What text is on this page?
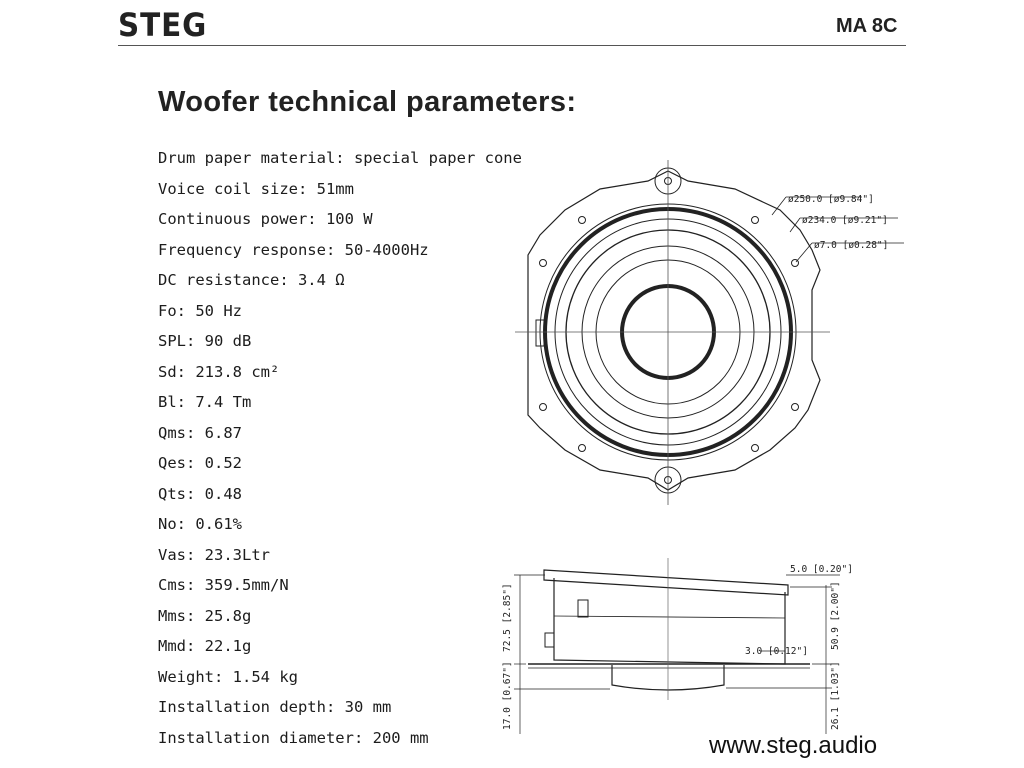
STEG	MA 8C
Woofer technical parameters:
Drum paper material: special paper cone
Voice coil size: 51mm
Continuous power: 100 W
Frequency response: 50-4000Hz
DC resistance: 3.4 Ω
Fo: 50 Hz
SPL: 90 dB
Sd: 213.8 cm²
Bl: 7.4 Tm
Qms: 6.87
Qes: 0.52
Qts: 0.48
No: 0.61%
Vas: 23.3Ltr
Cms: 359.5mm/N
Mms: 25.8g
Mmd: 22.1g
Weight: 1.54 kg
Installation depth: 30 mm
Installation diameter: 200 mm
ø250.0 [ø9.84"]
ø234.0 [ø9.21"]
ø7.0 [ø0.28"]
5.0 [0.20"]
72.5 [2.85"]	50.9 [2.00"]
3.0 [0.12"]
17.0 [0.67"]	26.1 [1.03"]
www.steg.audio
